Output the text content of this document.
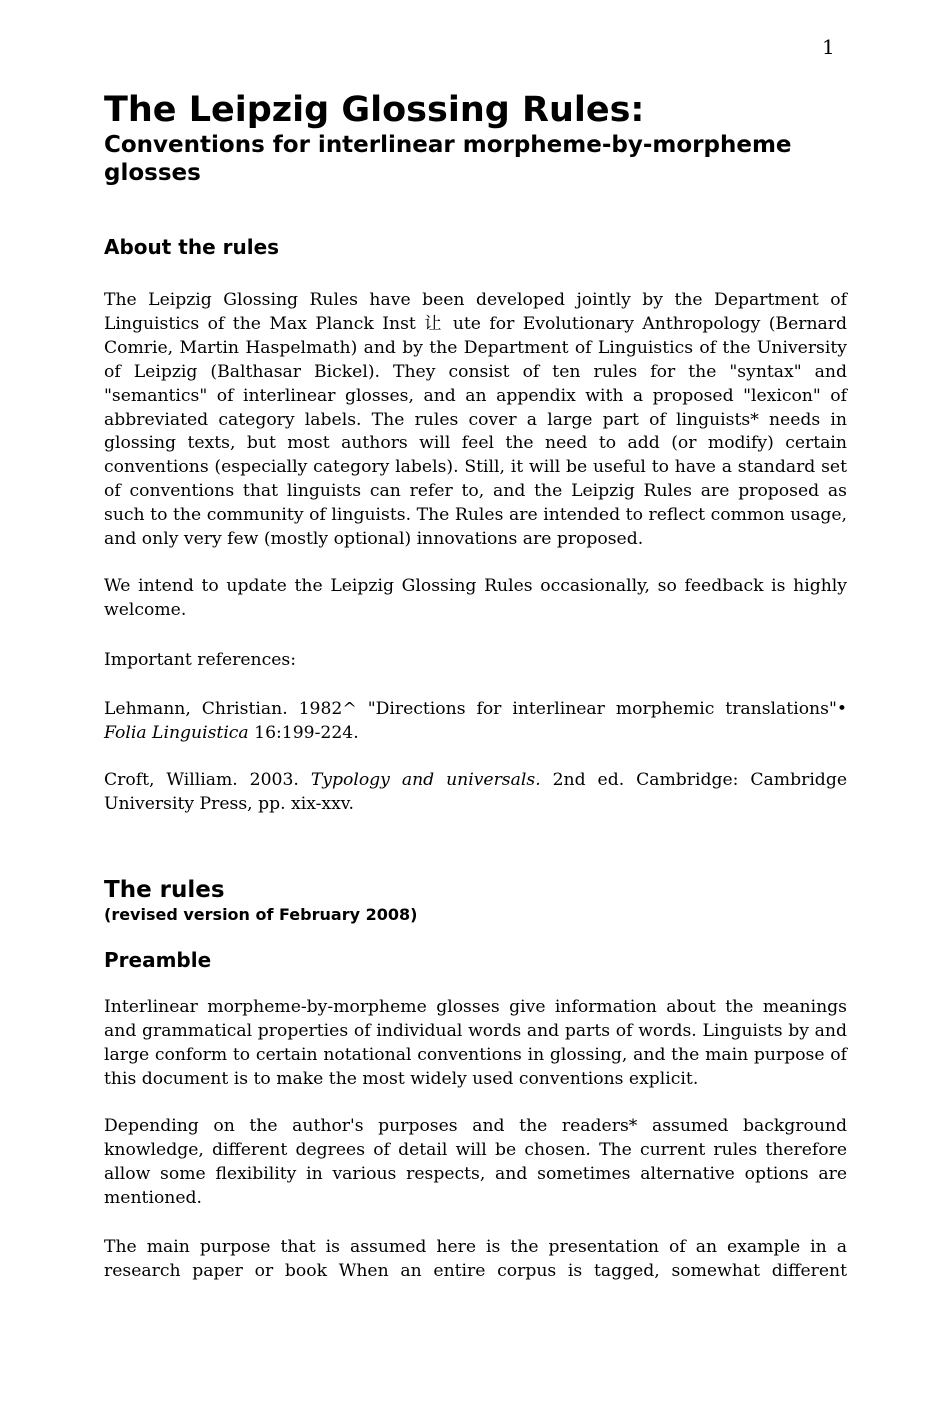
1
The Leipzig Glossing Rules:
Conventions for interlinear morpheme-by-morpheme glosses
About the rules

The Leipzig Glossing Rules have been developed jointly by the Department of Linguistics of the Max Planck Inst 让 ute for Evolutionary Anthropology (Bernard Comrie, Martin Haspelmath) and by the Department of Linguistics of the University of Leipzig (Balthasar Bickel). They consist of ten rules for the "syntax" and "semantics" of interlinear glosses, and an appendix with a proposed "lexicon" of abbreviated category labels. The rules cover a large part of linguists* needs in glossing texts, but most authors will feel the need to add (or modify) certain conventions (especially category labels). Still, it will be useful to have a standard set of conventions that linguists can refer to, and the Leipzig Rules are proposed as such to the community of linguists. The Rules are intended to reflect common usage, and only very few (mostly optional) innovations are proposed.

We intend to update the Leipzig Glossing Rules occasionally, so feedback is highly welcome.

Important references:

Lehmann, Christian. 1982^ "Directions for interlinear morphemic translations"• Folia Linguistica 16:199-224.

Croft, William. 2003. Typology and universals. 2nd ed. Cambridge: Cambridge University Press, pp. xix-xxv.

The rules
(revised version of February 2008)
Preamble

Interlinear morpheme-by-morpheme glosses give information about the meanings and grammatical properties of individual words and parts of words. Linguists by and large conform to certain notational conventions in glossing, and the main purpose of this document is to make the most widely used conventions explicit.

Depending on the author's purposes and the readers* assumed background knowledge, different degrees of detail will be chosen. The current rules therefore allow some flexibility in various respects, and sometimes alternative options are mentioned.

The main purpose that is assumed here is the presentation of an example in a research paper or book When an entire corpus is tagged, somewhat different
